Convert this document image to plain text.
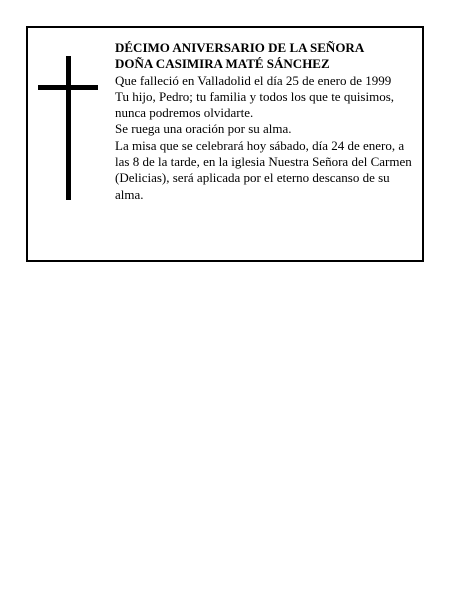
DÉCIMO ANIVERSARIO DE LA SEÑORA

DOÑA CASIMIRA MATÉ SÁNCHEZ

Que falleció en Valladolid el día 25 de enero de 1999

Tu hijo, Pedro; tu familia y todos los que te quisimos, nunca podremos olvidarte.

Se ruega una oración por su alma.

La misa que se celebrará hoy sábado, día 24 de enero, a las 8 de la tarde, en la iglesia Nuestra Señora del Carmen (Delicias), será aplicada por el eterno descanso de su alma.
